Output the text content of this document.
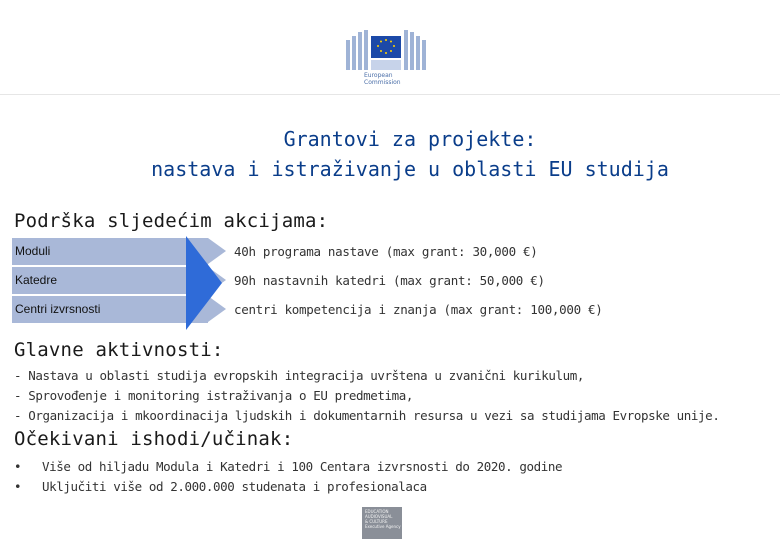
European
Commission
Grantovi za projekte:
nastava i istraživanje u oblasti EU studija
Podrška sljedećim akcijama:
Moduli	40h programa nastave (max grant: 30,000 €)
Katedre	90h nastavnih katedri (max grant: 50,000 €)
Centri izvrsnosti	centri kompetencija i znanja (max grant: 100,000 €)
Glavne aktivnosti:
- Nastava u oblasti studija evropskih integracija uvrštena u zvanični kurikulum,
- Sprovođenje i monitoring istraživanja o EU predmetima,
- Organizacija i mkoordinacija ljudskih i dokumentarnih resursa u vezi sa studijama Evropske unije.
Očekivani ishodi/učinak:
• Više od hiljadu Modula i Katedri i 100 Centara izvrsnosti do 2020. godine
• Uključiti više od 2.000.000 studenata i profesionalaca
EDUCATION
AUDIOVISUAL
& CULTURE
Executive Agency
